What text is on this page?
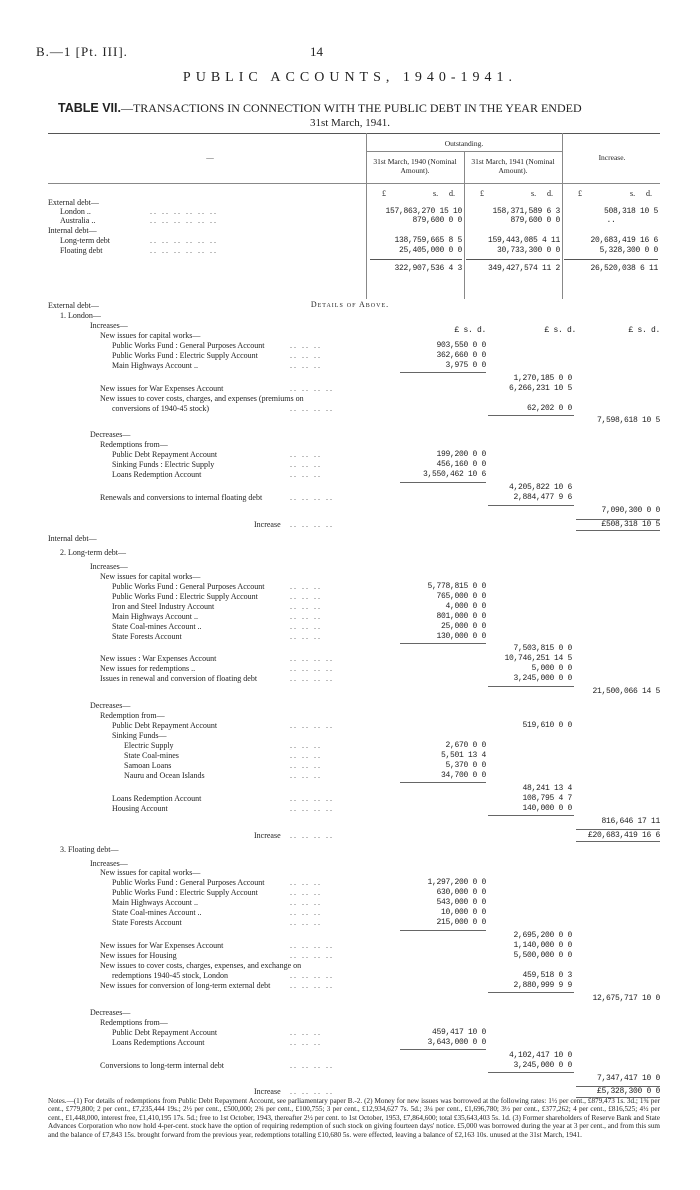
B.—1 [Pt. III].	14
PUBLIC ACCOUNTS, 1940-1941.
TABLE VII.—TRANSACTIONS IN CONNECTION WITH THE PUBLIC DEBT IN THE YEAR ENDED
31st March, 1941.
Outstanding.
31st March, 1940 (Nominal Amount).
31st March, 1941 (Nominal Amount).
Increase.
—
£	s. d.	£	s. d.	£	s. d.
External debt—
London ..	.. .. .. .. .. ..	157,863,270 15 10	158,371,589 6 3	508,318 10 5
Australia ..	.. .. .. .. .. ..	879,600 0 0	879,600 0 0	..
Internal debt—
Long-term debt	.. .. .. .. .. ..	138,759,665 8 5	159,443,085 4 11	20,683,419 16 6
Floating debt	.. .. .. .. .. ..	25,405,000 0 0	30,733,300 0 0	5,328,300 0 0
322,907,536 4 3	349,427,574 11 2	26,520,038 6 11
Details of Above.
£ s. d.	£ s. d.	£ s. d.
External debt—
1. London—
Increases—
New issues for capital works—
Public Works Fund : General Purposes Account	.. .. ..	903,550 0 0
Public Works Fund : Electric Supply Account	.. .. ..	362,660 0 0
Main Highways Account ..	.. .. ..	3,975 0 0
1,270,185 0 0
New issues for War Expenses Account	.. .. .. ..	6,266,231 10 5
New issues to cover costs, charges, and expenses (premiums on
conversions of 1940-45 stock)	.. .. .. ..	62,202 0 0
7,598,618 10 5
Decreases—
Redemptions from—
Public Debt Repayment Account	.. .. ..	199,200 0 0
Sinking Funds : Electric Supply	.. .. ..	456,160 0 0
Loans Redemption Account	.. .. ..	3,550,462 10 6
4,205,822 10 6
Renewals and conversions to internal floating debt	.. .. .. ..	2,884,477 9 6
7,090,300 0 0
Increase .. .. .. ..	£508,318 10 5
Internal debt—
2. Long-term debt—
Increases—
New issues for capital works—
Public Works Fund : General Purposes Account	.. .. ..	5,778,815 0 0
Public Works Fund : Electric Supply Account	.. .. ..	765,000 0 0
Iron and Steel Industry Account	.. .. ..	4,000 0 0
Main Highways Account ..	.. .. ..	801,000 0 0
State Coal-mines Account ..	.. .. ..	25,000 0 0
State Forests Account	.. .. ..	130,000 0 0
7,503,815 0 0
New issues : War Expenses Account	.. .. .. ..	10,746,251 14 5
New issues for redemptions ..	.. .. .. ..	5,000 0 0
Issues in renewal and conversion of floating debt	.. .. .. ..	3,245,000 0 0
21,500,066 14 5
Decreases—
Redemption from—
Public Debt Repayment Account	.. .. .. ..	519,610 0 0
Sinking Funds—
Electric Supply	.. .. ..	2,670 0 0
State Coal-mines	.. .. ..	5,501 13 4
Samoan Loans	.. .. ..	5,370 0 0
Nauru and Ocean Islands	.. .. ..	34,700 0 0
48,241 13 4
Loans Redemption Account	.. .. .. ..	108,795 4 7
Housing Account	.. .. .. ..	140,000 0 0
816,646 17 11
Increase .. .. .. ..	£20,683,419 16 6
3. Floating debt—
Increases—
New issues for capital works—
Public Works Fund : General Purposes Account	.. .. ..	1,297,200 0 0
Public Works Fund : Electric Supply Account	.. .. ..	630,000 0 0
Main Highways Account ..	.. .. ..	543,000 0 0
State Coal-mines Account ..	.. .. ..	10,000 0 0
State Forests Account	.. .. ..	215,000 0 0
2,695,200 0 0
New issues for War Expenses Account	.. .. .. ..	1,140,000 0 0
New issues for Housing	.. .. .. ..	5,500,000 0 0
New issues to cover costs, charges, expenses, and exchange on
redemptions 1940-45 stock, London	.. .. .. ..	459,518 0 3
New issues for conversion of long-term external debt .. .. .. ..	2,880,999 9 9
12,675,717 10 0
Decreases—
Redemptions from—
Public Debt Repayment Account	.. .. ..	459,417 10 0
Loans Redemptions Account	.. .. ..	3,643,000 0 0
4,102,417 10 0
Conversions to long-term internal debt	.. .. .. ..	3,245,000 0 0
7,347,417 10 0
Increase .. .. .. ..	£5,328,300 0 0
Notes.—(1) For details of redemptions from Public Debt Repayment Account, see parliamentary paper B.-2. (2) Money for new issues was borrowed at the following rates: 1½ per cent., £879,473 1s. 3d.; 1¾ per cent., £779,800; 2 per cent., £7,235,444 19s.; 2½ per cent., £500,000; 2¾ per cent., £100,755; 3 per cent., £12,934,627 7s. 5d.; 3¼ per cent., £1,696,780; 3½ per cent., £377,262; 4 per cent., £816,525; 4½ per cent., £1,448,000, interest free, £1,410,195 17s. 5d.; free to 1st October, 1943, thereafter 2½ per cent. to 1st October, 1953, £7,864,600; total £35,643,403 5s. 1d. (3) Former shareholders of Reserve Bank and State Advances Corporation who now hold 4-per-cent. stock have the option of requiring redemption of such stock on giving fourteen days' notice. £5,000 was borrowed during the year at 3 per cent., and from this sum and the balance of £7,843 15s. brought forward from the previous year, redemptions totalling £10,680 5s. were effected, leaving a balance of £2,163 10s. unused at the 31st March, 1941.
